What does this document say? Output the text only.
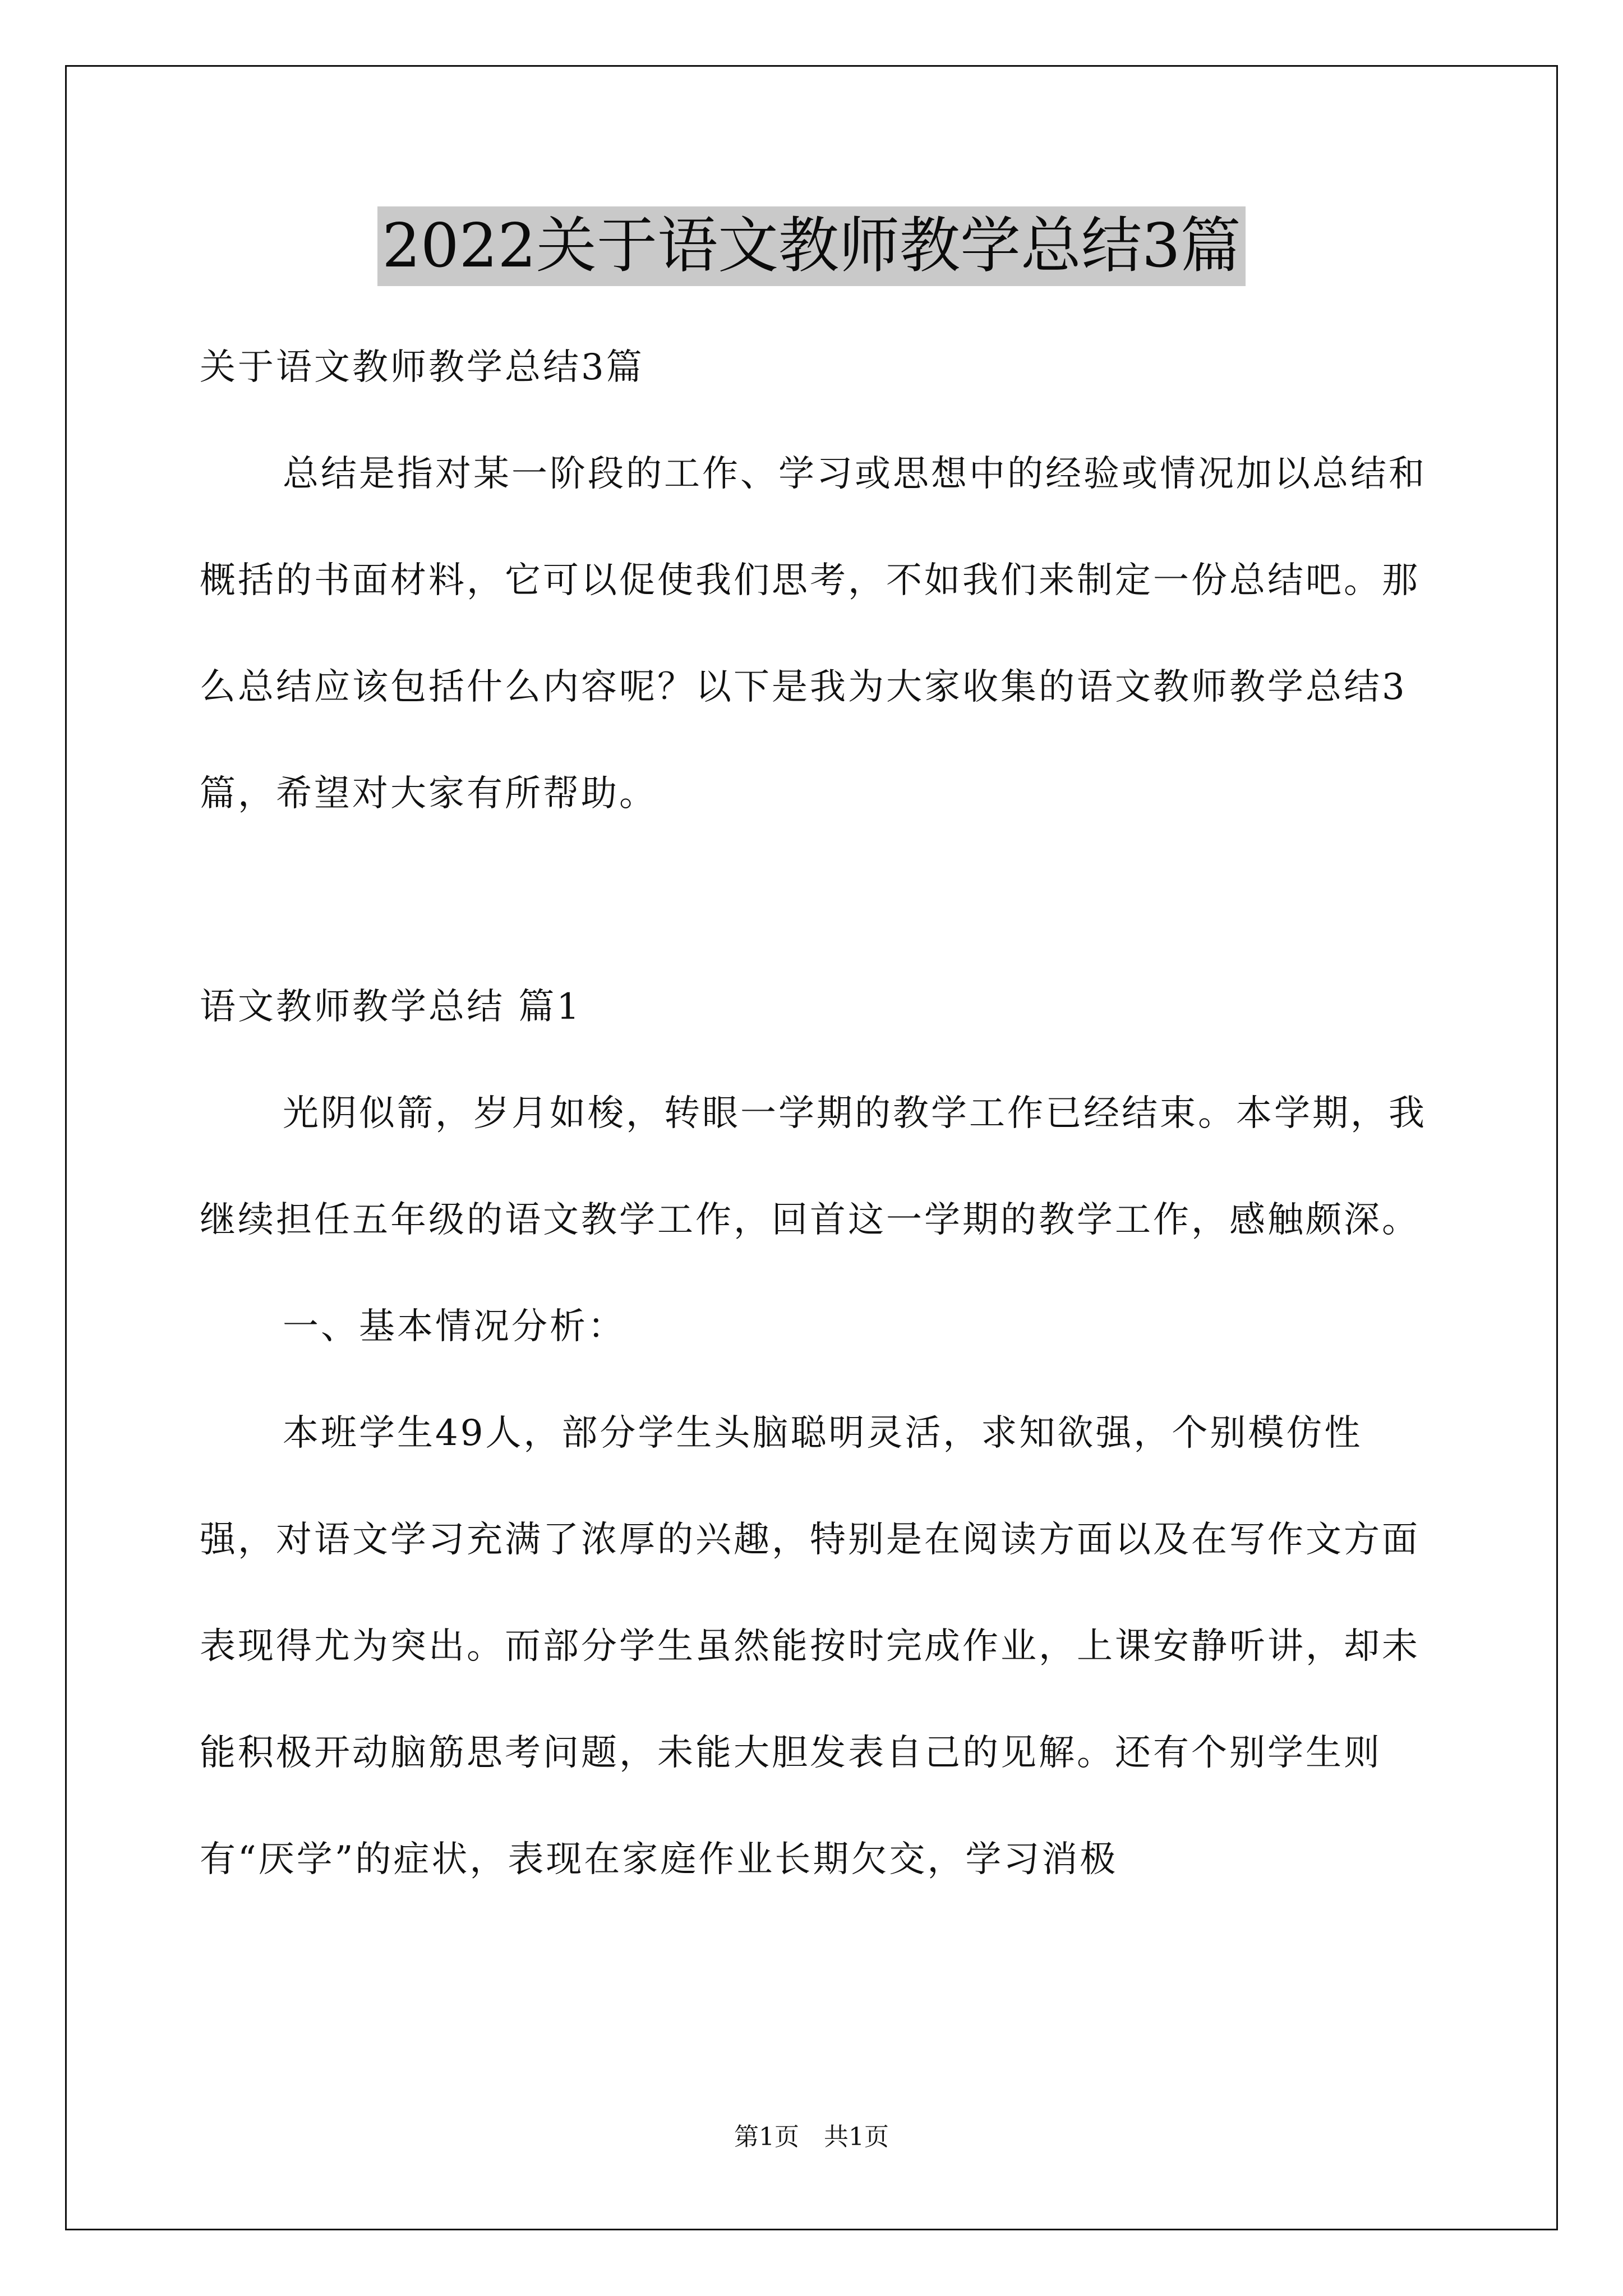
2022关于语文教师教学总结3篇

关于语文教师教学总结3篇

总结是指对某一阶段的工作、学习或思想中的经验或情况加以总结和概括的书面材料，它可以促使我们思考，不如我们来制定一份总结吧。那么总结应该包括什么内容呢？以下是我为大家收集的语文教师教学总结3篇，希望对大家有所帮助。

语文教师教学总结 篇1

光阴似箭，岁月如梭，转眼一学期的教学工作已经结束。本学期，我继续担任五年级的语文教学工作，回首这一学期的教学工作，感触颇深。

一、基本情况分析：

本班学生49人，部分学生头脑聪明灵活，求知欲强，个别模仿性强，对语文学习充满了浓厚的兴趣，特别是在阅读方面以及在写作文方面表现得尤为突出。而部分学生虽然能按时完成作业，上课安静听讲，却未能积极开动脑筋思考问题，未能大胆发表自己的见解。还有个别学生则有“厌学”的症状，表现在家庭作业长期欠交，学习消极

第1页　共1页
